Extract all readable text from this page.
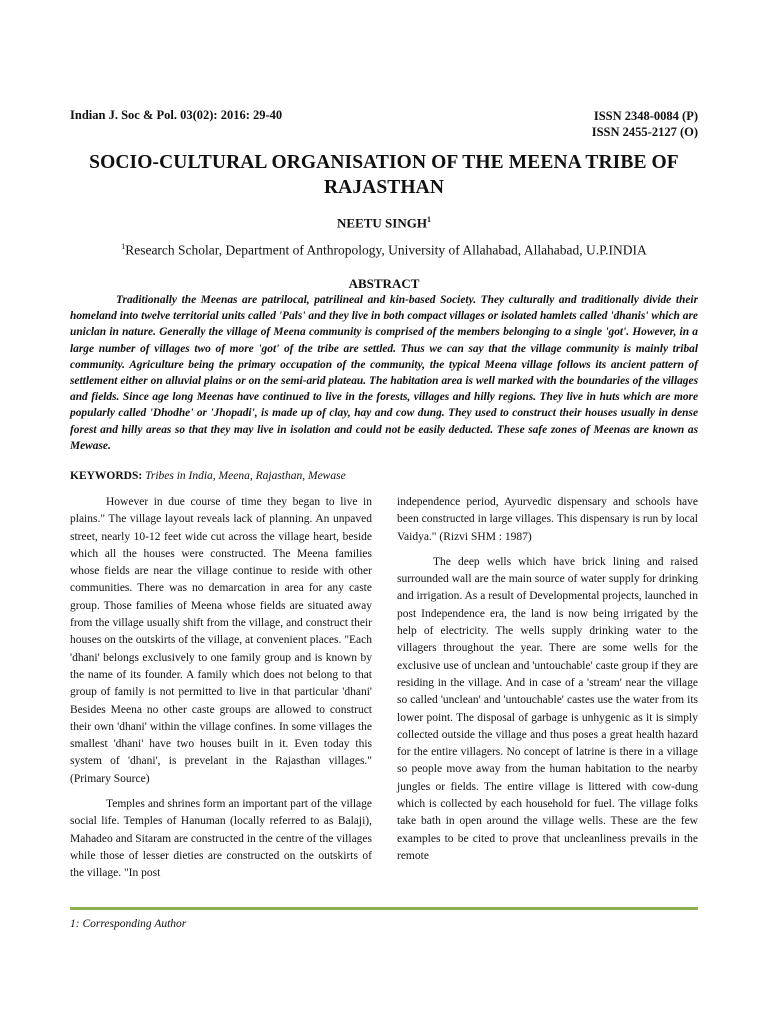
Indian J. Soc & Pol. 03(02): 2016: 29-40	ISSN 2348-0084 (P)
ISSN 2455-2127 (O)
SOCIO-CULTURAL ORGANISATION OF THE MEENA TRIBE OF RAJASTHAN
NEETU SINGH$^1$
$^1$Research Scholar, Department of Anthropology, University of Allahabad, Allahabad, U.P.INDIA
ABSTRACT
Traditionally the Meenas are patrilocal, patrilineal and kin-based Society. They culturally and traditionally divide their homeland into twelve territorial units called 'Pals' and they live in both compact villages or isolated hamlets called 'dhanis' which are uniclan in nature. Generally the village of Meena community is comprised of the members belonging to a single 'got'. However, in a large number of villages two of more 'got' of the tribe are settled. Thus we can say that the village community is mainly tribal community. Agriculture being the primary occupation of the community, the typical Meena village follows its ancient pattern of settlement either on alluvial plains or on the semi-arid plateau. The habitation area is well marked with the boundaries of the villages and fields. Since age long Meenas have continued to live in the forests, villages and hilly regions. They live in huts which are more popularly called 'Dhodhe' or 'Jhopadi', is made up of clay, hay and cow dung. They used to construct their houses usually in dense forest and hilly areas so that they may live in isolation and could not be easily deducted. These safe zones of Meenas are known as Mewase.
KEYWORDS: Tribes in India, Meena, Rajasthan, Mewase

However in due course of time they began to live in plains." The village layout reveals lack of planning. An unpaved street, nearly 10-12 feet wide cut across the village heart, beside which all the houses were constructed. The Meena families whose fields are near the village continue to reside with other communities. There was no demarcation in area for any caste group. Those families of Meena whose fields are situated away from the village usually shift from the village, and construct their houses on the outskirts of the village, at convenient places. "Each 'dhani' belongs exclusively to one family group and is known by the name of its founder. A family which does not belong to that group of family is not permitted to live in that particular 'dhani' Besides Meena no other caste groups are allowed to construct their own 'dhani' within the village confines. In some villages the smallest 'dhani' have two houses built in it. Even today this system of 'dhani', is prevelant in the Rajasthan villages." (Primary Source)

Temples and shrines form an important part of the village social life. Temples of Hanuman (locally referred to as Balaji), Mahadeo and Sitaram are constructed in the centre of the villages while those of lesser dieties are constructed on the outskirts of the village. "In post

independence period, Ayurvedic dispensary and schools have been constructed in large villages. This dispensary is run by local Vaidya." (Rizvi SHM : 1987)

The deep wells which have brick lining and raised surrounded wall are the main source of water supply for drinking and irrigation. As a result of Developmental projects, launched in post Independence era, the land is now being irrigated by the help of electricity. The wells supply drinking water to the villagers throughout the year. There are some wells for the exclusive use of unclean and 'untouchable' caste group if they are residing in the village. And in case of a 'stream' near the village so called 'unclean' and 'untouchable' castes use the water from its lower point. The disposal of garbage is unhygenic as it is simply collected outside the village and thus poses a great health hazard for the entire villagers. No concept of latrine is there in a village so people move away from the human habitation to the nearby jungles or fields. The entire village is littered with cow-dung which is collected by each household for fuel. The village folks take bath in open around the village wells. These are the few examples to be cited to prove that uncleanliness prevails in the remote

1: Corresponding Author
